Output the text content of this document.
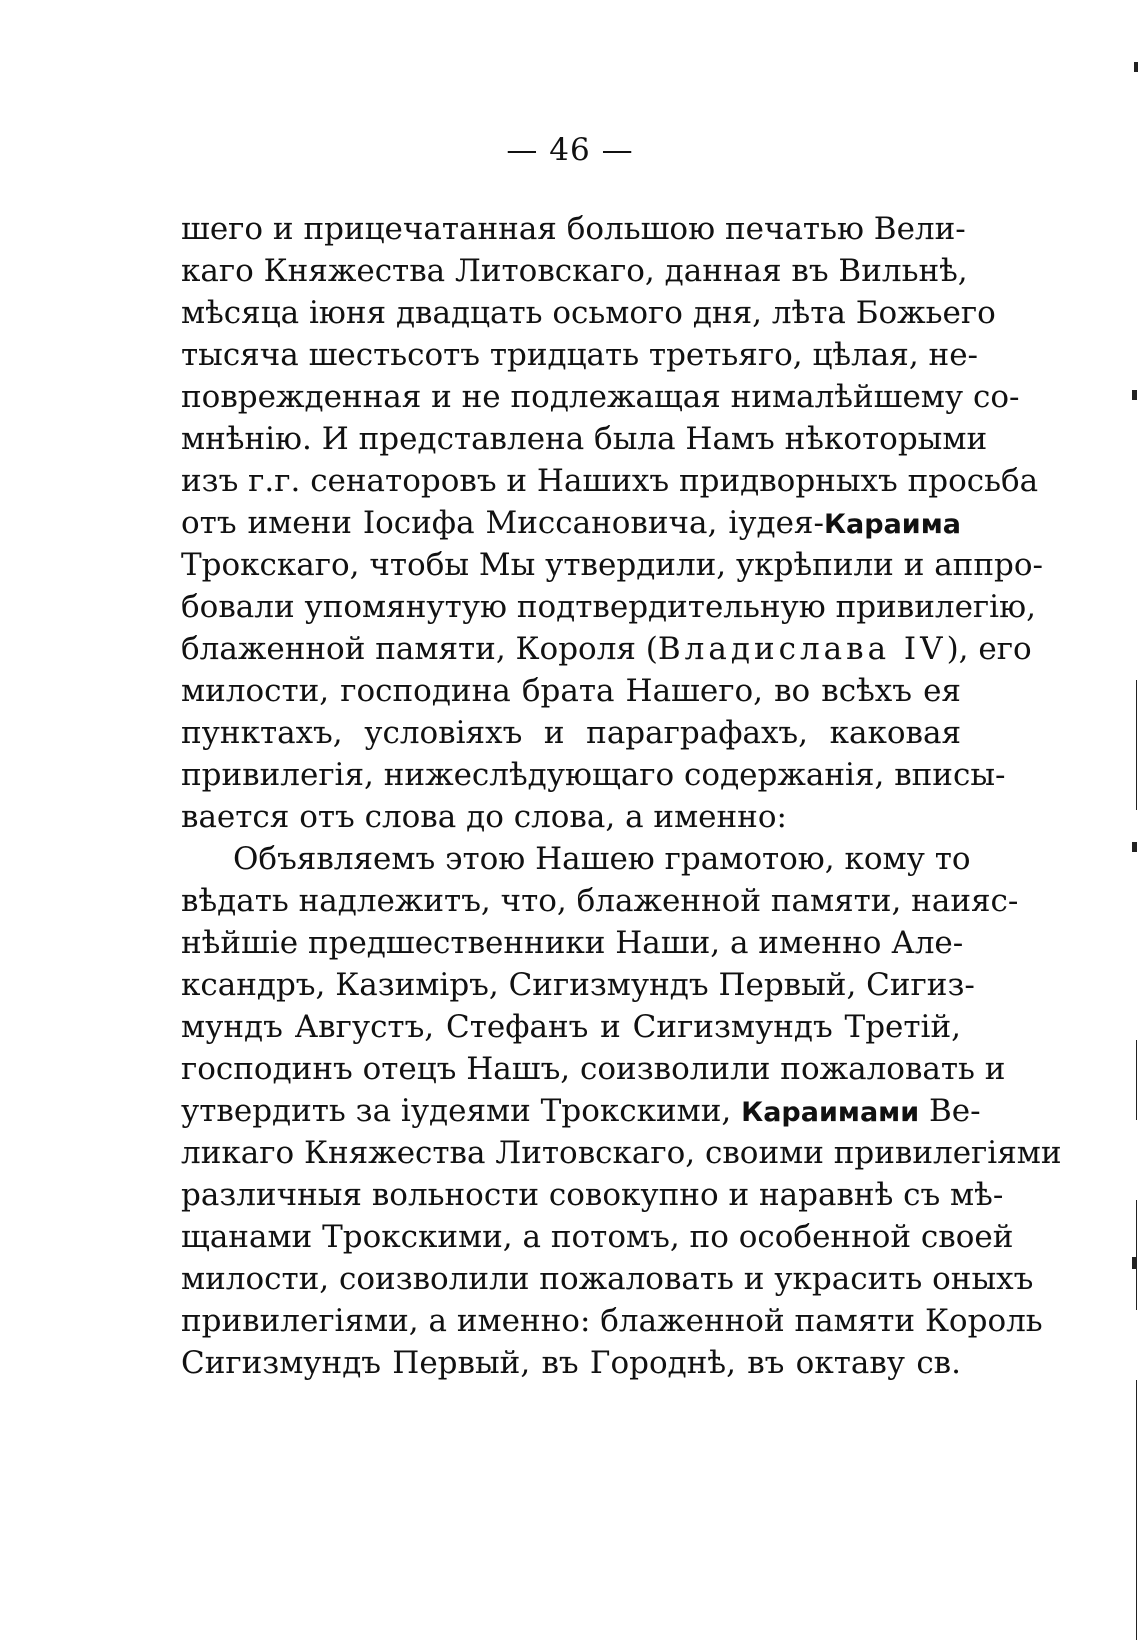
— 46 —
шего и прицечатанная большою печатью Вели-
каго Княжества Литовскаго, данная въ Вильнѣ,
мѣсяца іюня двадцать осьмого дня, лѣта Божьего
тысяча шестьсотъ тридцать третьяго, цѣлая, не-
поврежденная и не подлежащая нималѣйшему со-
мнѣнію. И представлена была Намъ нѣкоторыми
изъ г.г. сенаторовъ и Нашихъ придворныхъ просьба
отъ имени Іосифа Миссановича, іудея-Караима
Трокскаго, чтобы Мы утвердили, укрѣпили и аппро-
бовали упомянутую подтвердительную привилегію,
блаженной памяти, Короля (Владислава IV), его
милости, господина брата Нашего, во всѣхъ ея
пунктахъ, условіяхъ и параграфахъ, каковая
привилегія, нижеслѣдующаго содержанія, вписы-
вается отъ слова до слова, а именно:
Объявляемъ этою Нашею грамотою, кому то
вѣдать надлежитъ, что, блаженной памяти, наияс-
нѣйшіе предшественники Наши, а именно Але-
ксандръ, Казиміръ, Сигизмундъ Первый, Сигиз-
мундъ Августъ, Стефанъ и Сигизмундъ Третій,
господинъ отецъ Нашъ, соизволили пожаловать и
утвердить за іудеями Трокскими, Караимами Ве-
ликаго Княжества Литовскаго, своими привилегіями
различныя вольности совокупно и наравнѣ съ мѣ-
щанами Трокскими, а потомъ, по особенной своей
милости, соизволили пожаловать и украсить оныхъ
привилегіями, а именно: блаженной памяти Король
Сигизмундъ Первый, въ Городнѣ, въ октаву св.
